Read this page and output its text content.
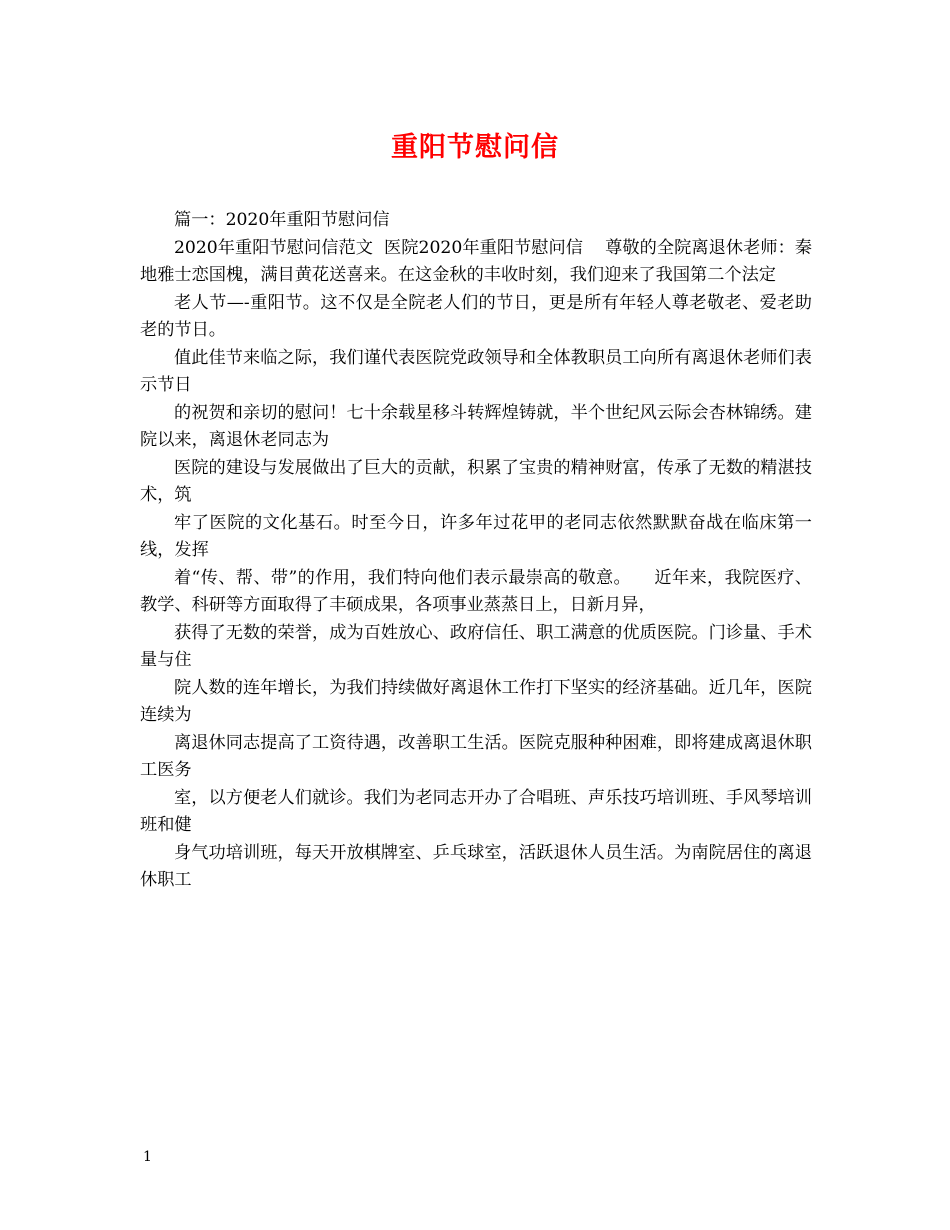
重阳节慰问信

篇一：2020年重阳节慰问信

2020年重阳节慰问信范文  医院2020年重阳节慰问信    尊敬的全院离退休老师：秦地雅士恋国槐，满目黄花送喜来。在这金秋的丰收时刻，我们迎来了我国第二个法定

老人节—-重阳节。这不仅是全院老人们的节日，更是所有年轻人尊老敬老、爱老助老的节日。

值此佳节来临之际，我们谨代表医院党政领导和全体教职员工向所有离退休老师们表示节日

的祝贺和亲切的慰问！七十余载星移斗转辉煌铸就，半个世纪风云际会杏林锦绣。建院以来，离退休老同志为

医院的建设与发展做出了巨大的贡献，积累了宝贵的精神财富，传承了无数的精湛技术，筑

牢了医院的文化基石。时至今日，许多年过花甲的老同志依然默默奋战在临床第一线，发挥

着“传、帮、带”的作用，我们特向他们表示最崇高的敬意。    近年来，我院医疗、教学、科研等方面取得了丰硕成果，各项事业蒸蒸日上，日新月异，

获得了无数的荣誉，成为百姓放心、政府信任、职工满意的优质医院。门诊量、手术量与住

院人数的连年增长，为我们持续做好离退休工作打下坚实的经济基础。近几年，医院连续为

离退休同志提高了工资待遇，改善职工生活。医院克服种种困难，即将建成离退休职工医务

室，以方便老人们就诊。我们为老同志开办了合唱班、声乐技巧培训班、手风琴培训班和健

身气功培训班，每天开放棋牌室、乒乓球室，活跃退休人员生活。为南院居住的离退休职工

1
